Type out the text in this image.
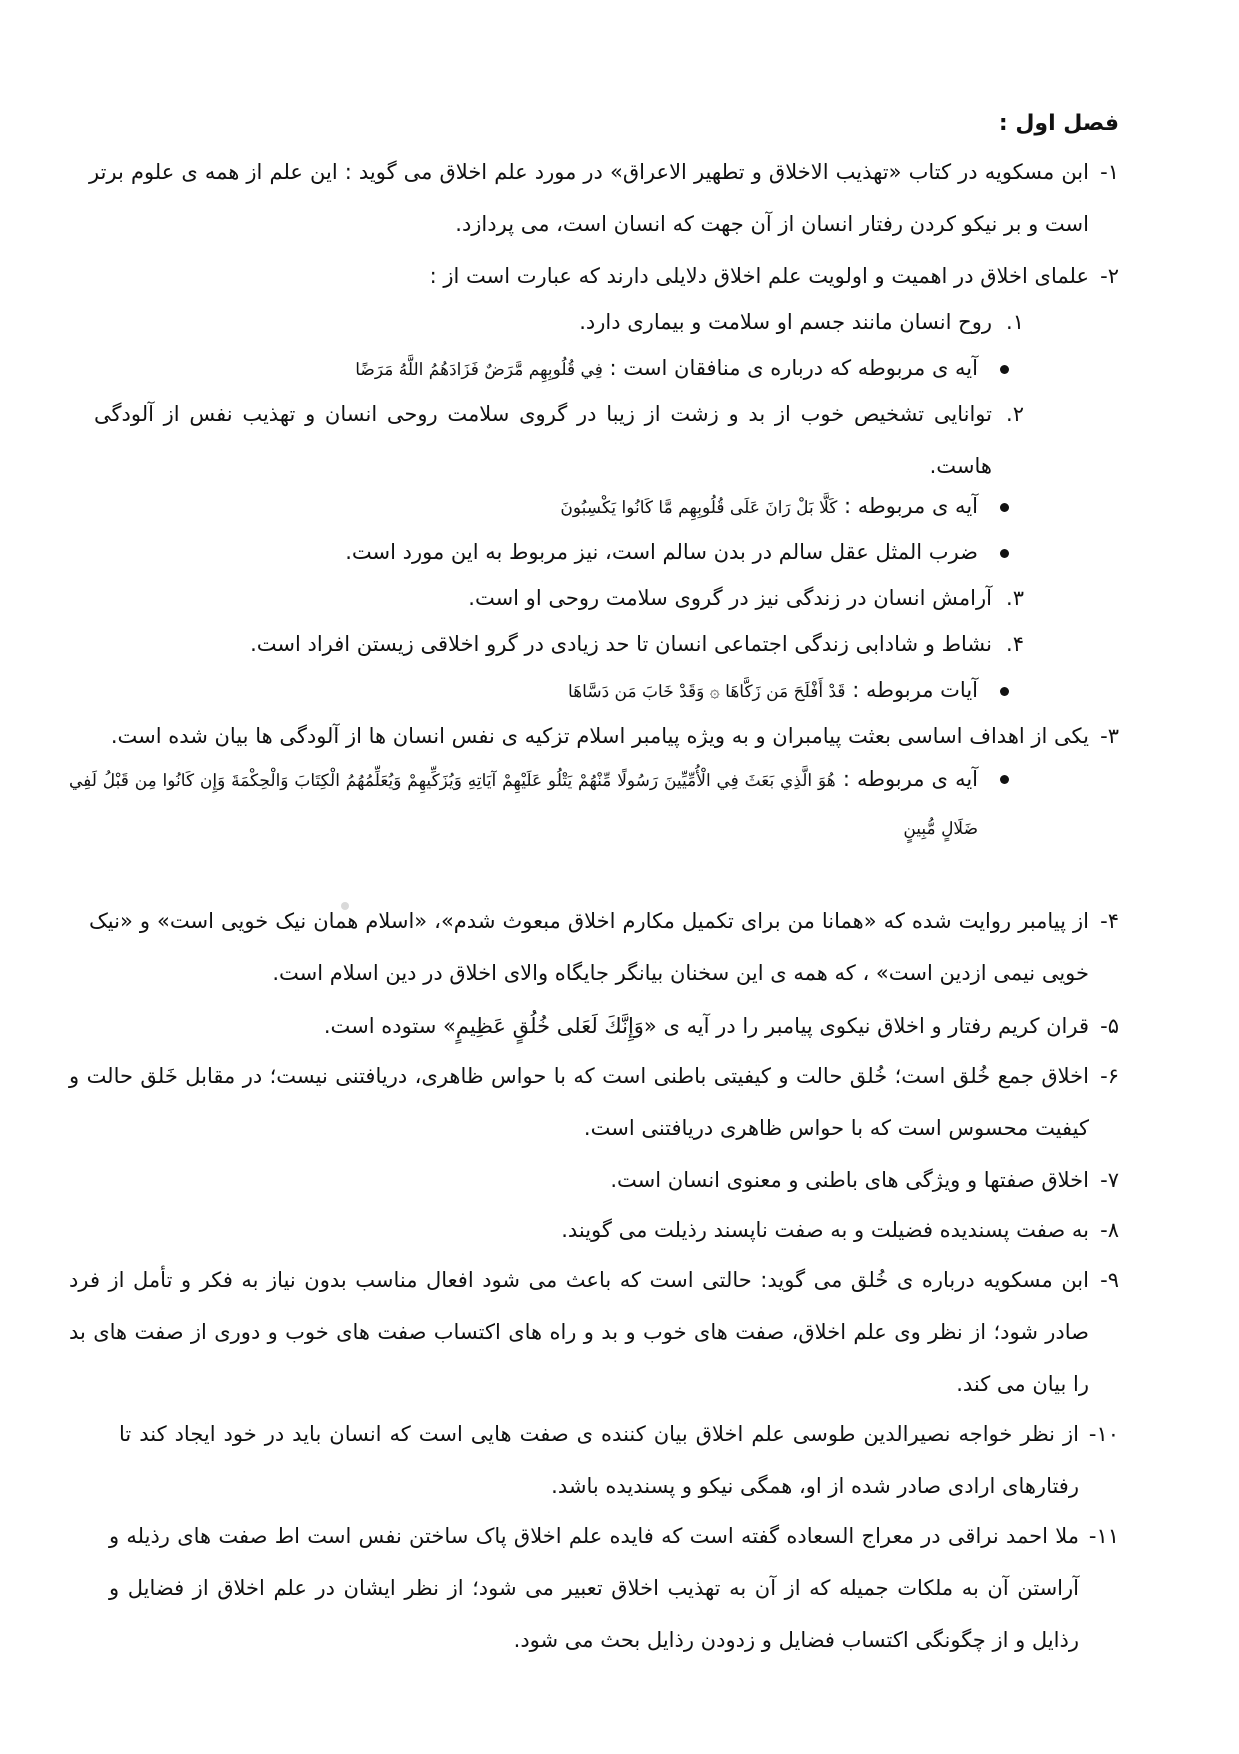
فصل اول :
۱-
ابن مسکویه در کتاب «تهذیب الاخلاق و تطهیر الاعراق» در مورد علم اخلاق می گوید : این علم از همه ی علوم برتر است و بر نیکو کردن رفتار انسان از آن جهت که انسان است، می پردازد.
۲-
علمای اخلاق در اهمیت و اولویت علم اخلاق دلایلی دارند که عبارت است از :
۱.روح انسان مانند جسم او سلامت و بیماری دارد.
آیه ی مربوطه که درباره ی منافقان است : فِي قُلُوبِهِم مَّرَضٌ فَزَادَهُمُ اللَّهُ مَرَضًا
۲.
توانایی تشخیص خوب از بد و زشت از زیبا در گروی سلامت روحی انسان و تهذیب نفس از آلودگی هاست.
آیه ی مربوطه : كَلَّا بَلْ رَانَ عَلَى قُلُوبِهِم مَّا كَانُوا يَكْسِبُونَ
ضرب المثل عقل سالم در بدن سالم است، نیز مربوط به این مورد است.
۳.آرامش انسان در زندگی نیز در گروی سلامت روحی او است.
۴.نشاط و شادابی زندگی اجتماعی انسان تا حد زیادی در گرو اخلاقی زیستن افراد است.
آیات مربوطه : قَدْ أَفْلَحَ مَن زَكَّاهَا ۞ وَقَدْ خَابَ مَن دَسَّاهَا
۳-
یکی از اهداف اساسی بعثت پیامبران و به ویژه پیامبر اسلام تزکیه ی نفس انسان ها از آلودگی ها بیان شده است.
آیه ی مربوطه : هُوَ الَّذِي بَعَثَ فِي الْأُمِّيِّينَ رَسُولًا مِّنْهُمْ يَتْلُو عَلَيْهِمْ آيَاتِهِ وَيُزَكِّيهِمْ وَيُعَلِّمُهُمُ الْكِتَابَ وَالْحِكْمَةَ وَإِن كَانُوا مِن قَبْلُ لَفِي ضَلَالٍ مُّبِينٍ
۴-
از پیامبر روایت شده که «همانا من برای تکمیل مکارم اخلاق مبعوث شدم»، «اسلام همان نیک خویی است» و «نیک خویی نیمی ازدین است» ، که همه ی این سخنان بیانگر جایگاه والای اخلاق در دین اسلام است.
۵-
قران کریم رفتار و اخلاق نیکوی پیامبر را در آیه ی «وَإِنَّكَ لَعَلى خُلُقٍ عَظِيمٍ» ستوده است.
۶-
اخلاق جمع خُلق است؛ خُلق حالت و کیفیتی باطنی است که با حواس ظاهری، دریافتنی نیست؛ در مقابل خَلق حالت و کیفیت محسوس است که با حواس ظاهری دریافتنی است.
۷-
اخلاق صفتها و ویژگی های باطنی و معنوی انسان است.
۸-
به صفت پسندیده فضیلت و به صفت ناپسند رذیلت می گویند.
۹-
ابن مسکویه درباره ی خُلق می گوید: حالتی است که باعث می شود افعال مناسب بدون نیاز به فکر و تأمل از فرد صادر شود؛ از نظر وی علم اخلاق، صفت های خوب و بد و راه های اکتساب صفت های خوب و دوری از صفت های بد را بیان می کند.
۱۰-
از نظر خواجه نصیرالدین طوسی علم اخلاق بیان کننده ی صفت هایی است که انسان باید در خود ایجاد کند تا رفتارهای ارادی صادر شده از او، همگی نیکو و پسندیده باشد.
۱۱-
ملا احمد نراقی در معراج السعاده گفته است که فایده علم اخلاق پاک ساختن نفس است اط صفت های رذیله و آراستن آن به ملکات جمیله که از آن به تهذیب اخلاق تعبیر می شود؛ از نظر ایشان در علم اخلاق از فضایل و رذایل و از چگونگی اکتساب فضایل و زدودن رذایل بحث می شود.
